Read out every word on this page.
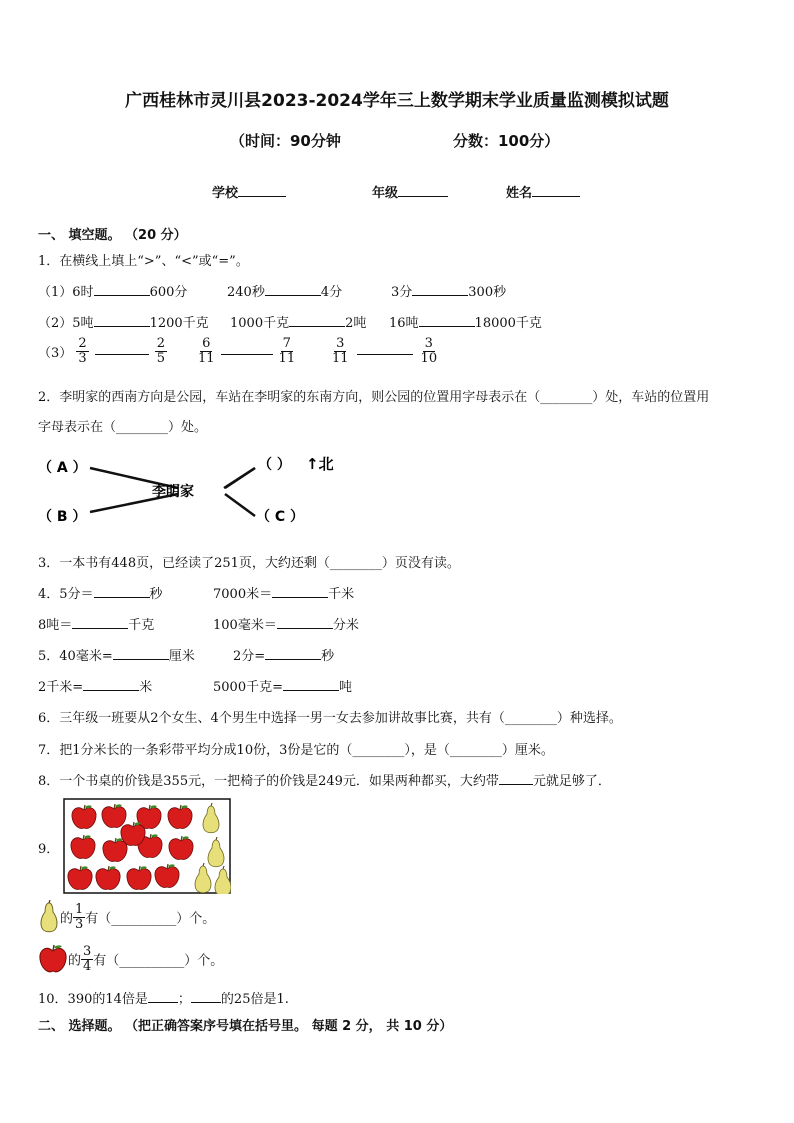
广西桂林市灵川县2023-2024学年三上数学期末学业质量监测模拟试题
（时间：90分钟	分数：100分）
学校	年级	姓名
一、 填空题。 （20 分）
1．在横线上填上“>”、“<”或“=”。
（1）6时	600分	240秒	4分	3分	300秒
（2）5吨	1200千克 1000千克	2吨 16吨	18000千克
$(3) \frac{2}{3}$	$\frac{2}{5} \frac{6}{11}$	$\frac{7}{11}$	$\frac{3}{11}$	$\frac{3}{10}$
2．李明家的西南方向是公园，车站在李明家的东南方向，则公园的位置用字母表示在（________）处，车站的位置用
字母表示在（________）处。
李明家
（ A ）
（ B ）	（ C ）
（ ） ↑北
3．一本书有448页，已经读了251页，大约还剩（________）页没有读。
4．5分＝	秒	7000米＝	千米
8吨＝	千克	100毫米＝	分米
5．40毫米=	厘米	2分=	秒
2千米=	米	5000千克=	吨
6．三年级一班要从2个女生、4个男生中选择一男一女去参加讲故事比赛，共有（________）种选择。
7．把1分米长的一条彩带平均分成10份，3份是它的（________），是（________）厘米。
8．一个书桌的价钱是355元，一把椅子的价钱是249元．如果两种都买，大约带	元就足够了．
9．
的 $\frac{1}{3}$ 有（__________）个。
的 $\frac{3}{4}$ 有（__________）个。
10．390的14倍是 ； 的25倍是1.
二、 选择题。 （把正确答案序号填在括号里。 每题 2 分， 共 10 分）
